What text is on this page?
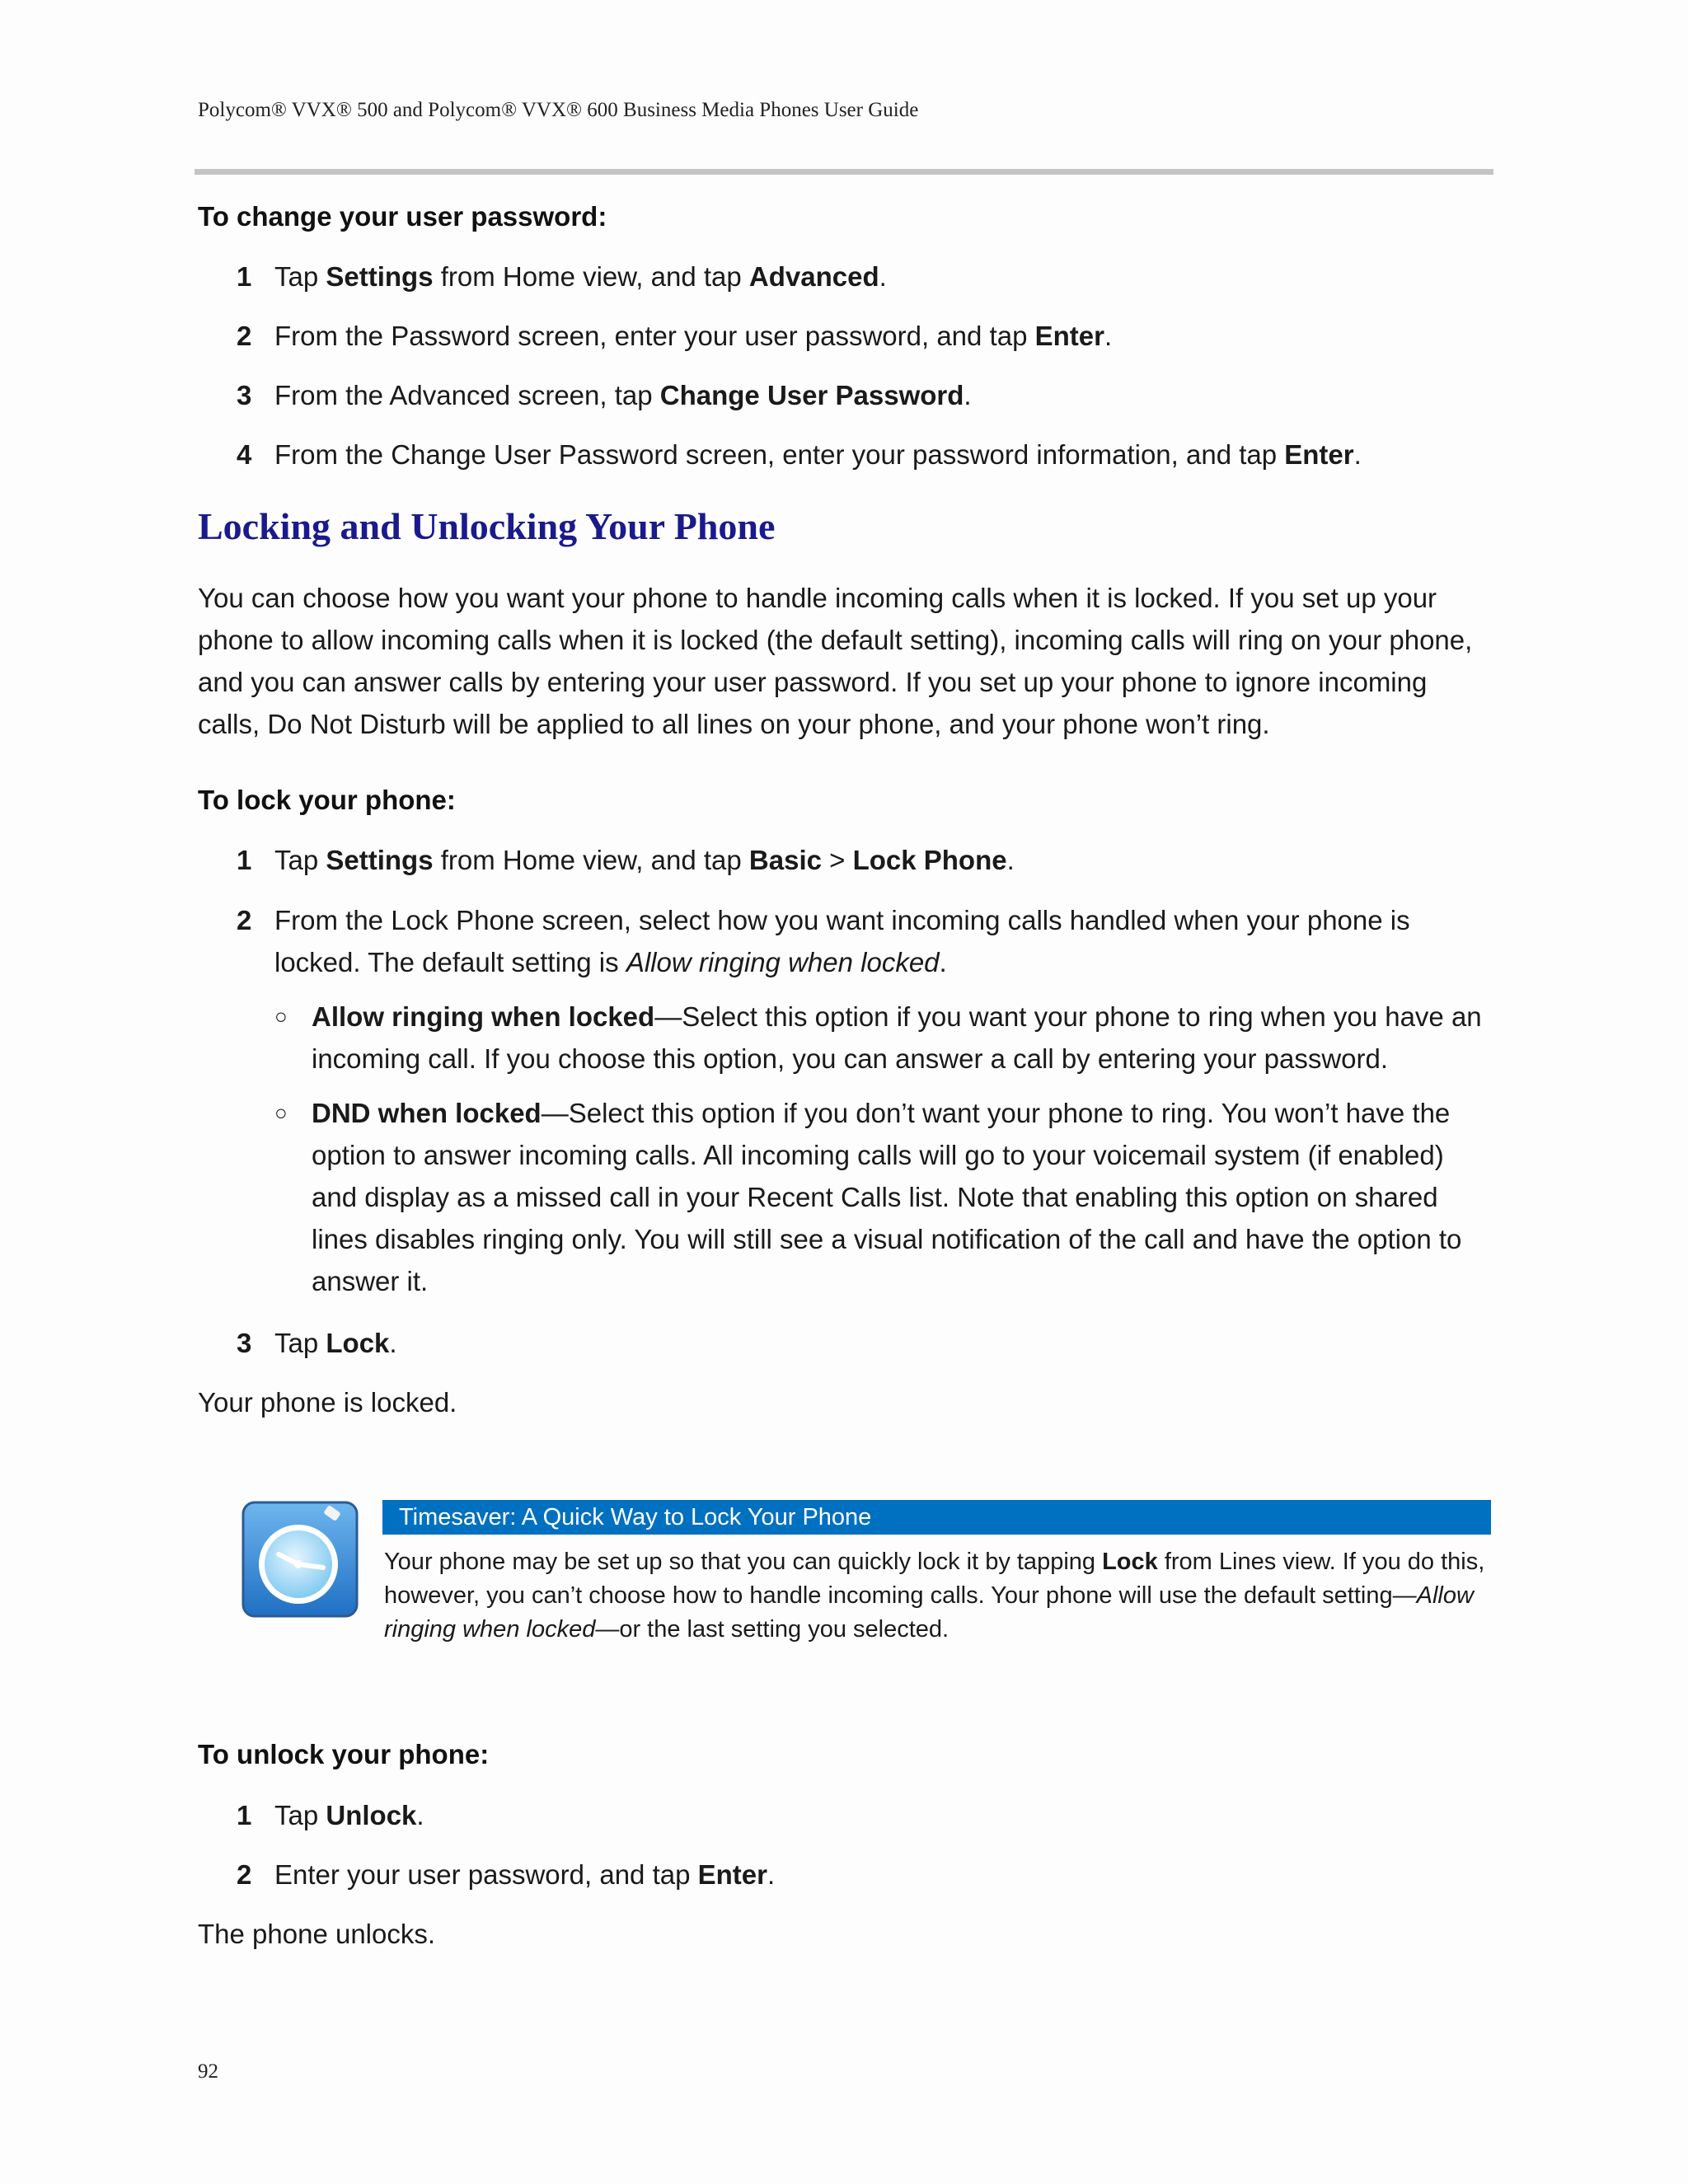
Polycom® VVX® 500 and Polycom® VVX® 600 Business Media Phones User Guide
To change your user password:
1 Tap Settings from Home view, and tap Advanced.
2 From the Password screen, enter your user password, and tap Enter.
3 From the Advanced screen, tap Change User Password.
4 From the Change User Password screen, enter your password information, and tap Enter.
Locking and Unlocking Your Phone
You can choose how you want your phone to handle incoming calls when it is locked. If you set up your phone to allow incoming calls when it is locked (the default setting), incoming calls will ring on your phone, and you can answer calls by entering your user password. If you set up your phone to ignore incoming calls, Do Not Disturb will be applied to all lines on your phone, and your phone won’t ring.
To lock your phone:
1 Tap Settings from Home view, and tap Basic > Lock Phone.
2 From the Lock Phone screen, select how you want incoming calls handled when your phone is locked. The default setting is Allow ringing when locked.
○ Allow ringing when locked—Select this option if you want your phone to ring when you have an incoming call. If you choose this option, you can answer a call by entering your password.
○ DND when locked—Select this option if you don’t want your phone to ring. You won’t have the option to answer incoming calls. All incoming calls will go to your voicemail system (if enabled) and display as a missed call in your Recent Calls list. Note that enabling this option on shared lines disables ringing only. You will still see a visual notification of the call and have the option to answer it.
3 Tap Lock.
Your phone is locked.
Timesaver: A Quick Way to Lock Your Phone
Your phone may be set up so that you can quickly lock it by tapping Lock from Lines view. If you do this, however, you can’t choose how to handle incoming calls. Your phone will use the default setting—Allow ringing when locked—or the last setting you selected.
To unlock your phone:
1 Tap Unlock.
2 Enter your user password, and tap Enter.
The phone unlocks.
92
